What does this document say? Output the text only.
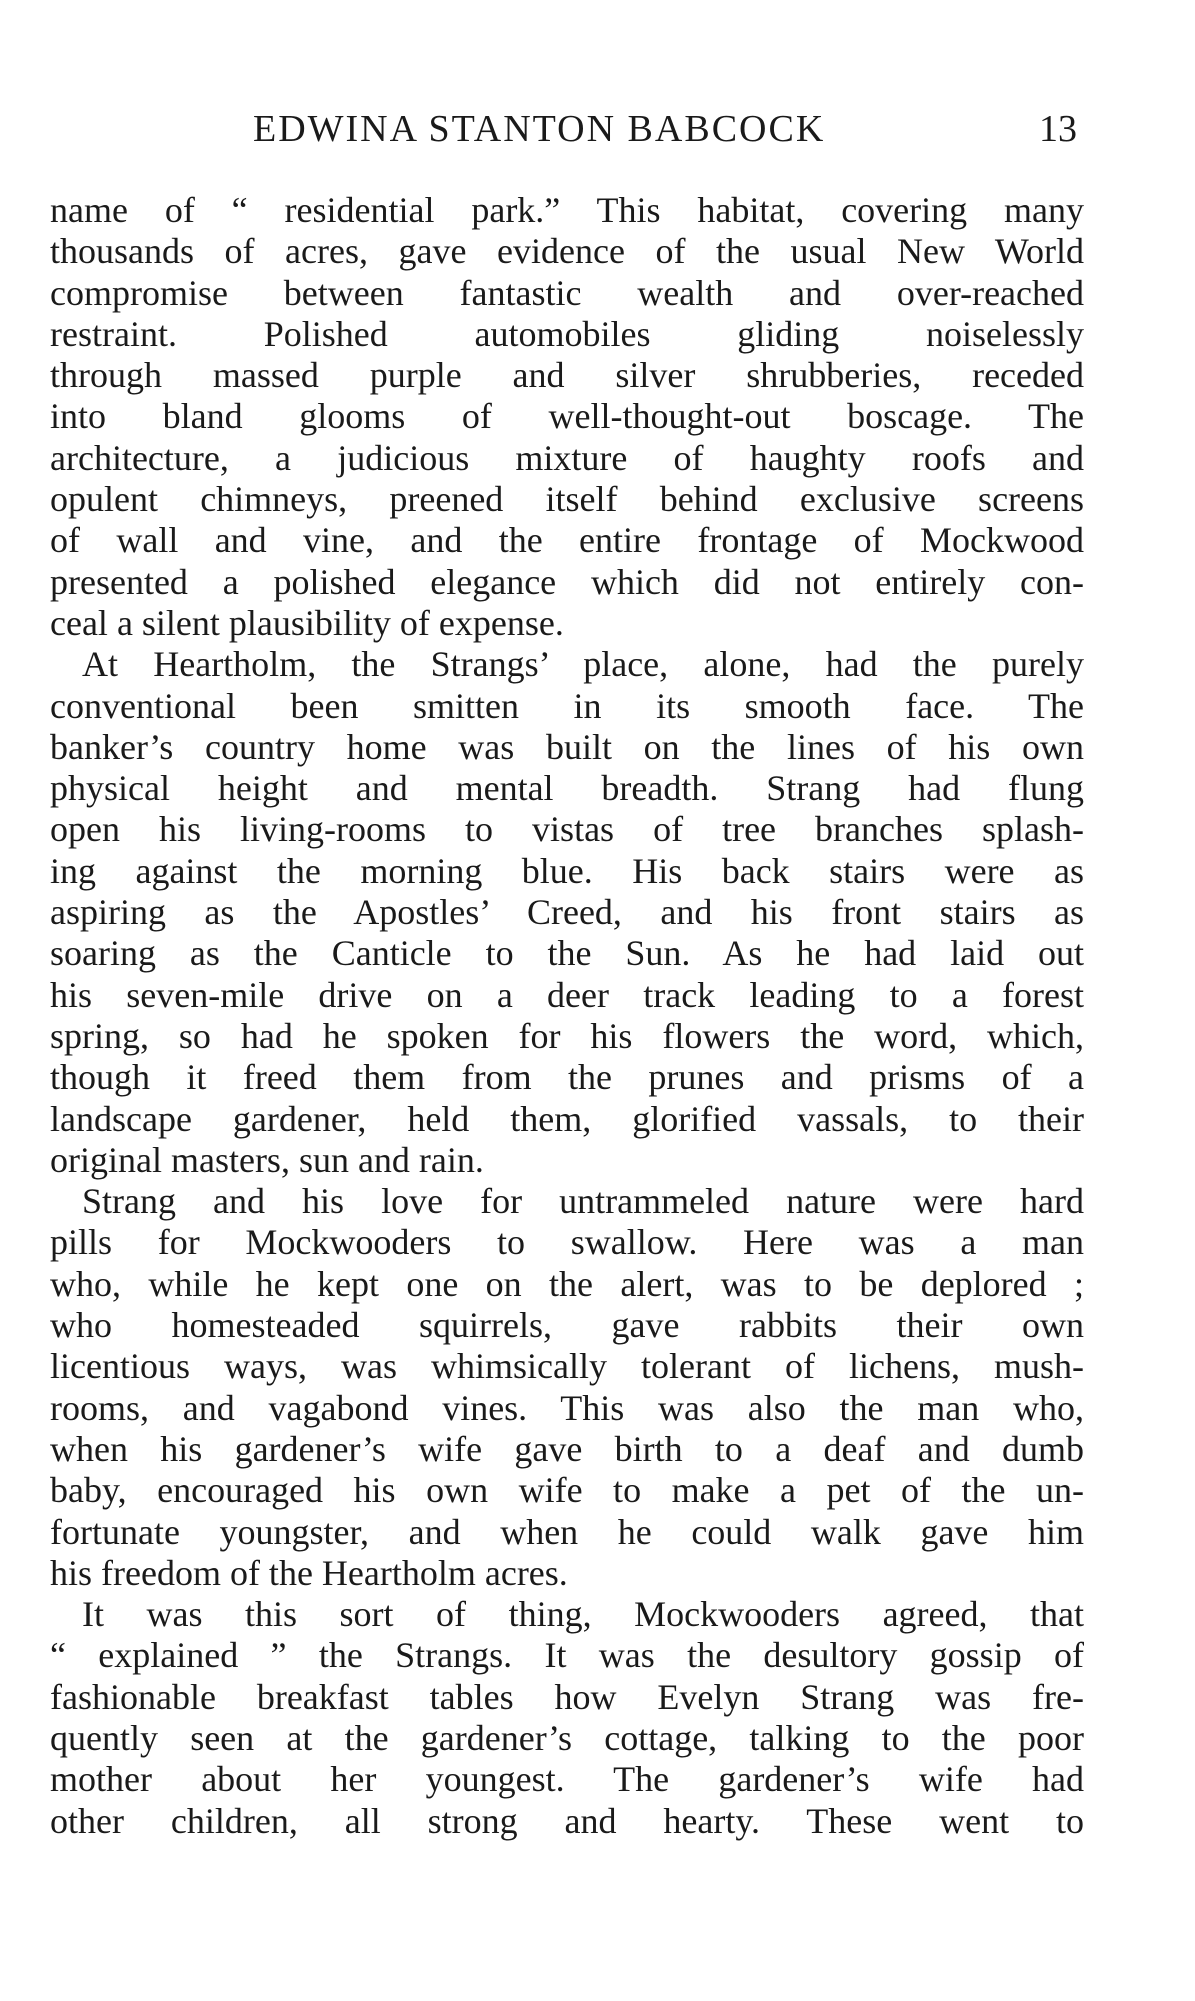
EDWINA STANTON BABCOCK	13
name of “ residential park.” This habitat, covering many
thousands of acres, gave evidence of the usual New World
compromise between fantastic wealth and over-reached
restraint. Polished automobiles gliding noiselessly
through massed purple and silver shrubberies, receded
into bland glooms of well-thought-out boscage. The
architecture, a judicious mixture of haughty roofs and
opulent chimneys, preened itself behind exclusive screens
of wall and vine, and the entire frontage of Mockwood
presented a polished elegance which did not entirely con-
ceal a silent plausibility of expense.
At Heartholm, the Strangs’ place, alone, had the purely
conventional been smitten in its smooth face. The
banker’s country home was built on the lines of his own
physical height and mental breadth. Strang had flung
open his living-rooms to vistas of tree branches splash-
ing against the morning blue. His back stairs were as
aspiring as the Apostles’ Creed, and his front stairs as
soaring as the Canticle to the Sun. As he had laid out
his seven-mile drive on a deer track leading to a forest
spring, so had he spoken for his flowers the word, which,
though it freed them from the prunes and prisms of a
landscape gardener, held them, glorified vassals, to their
original masters, sun and rain.
Strang and his love for untrammeled nature were hard
pills for Mockwooders to swallow. Here was a man
who, while he kept one on the alert, was to be deplored ;
who homesteaded squirrels, gave rabbits their own
licentious ways, was whimsically tolerant of lichens, mush-
rooms, and vagabond vines. This was also the man who,
when his gardener’s wife gave birth to a deaf and dumb
baby, encouraged his own wife to make a pet of the un-
fortunate youngster, and when he could walk gave him
his freedom of the Heartholm acres.
It was this sort of thing, Mockwooders agreed, that
“ explained ” the Strangs. It was the desultory gossip of
fashionable breakfast tables how Evelyn Strang was fre-
quently seen at the gardener’s cottage, talking to the poor
mother about her youngest. The gardener’s wife had
other children, all strong and hearty. These went to
